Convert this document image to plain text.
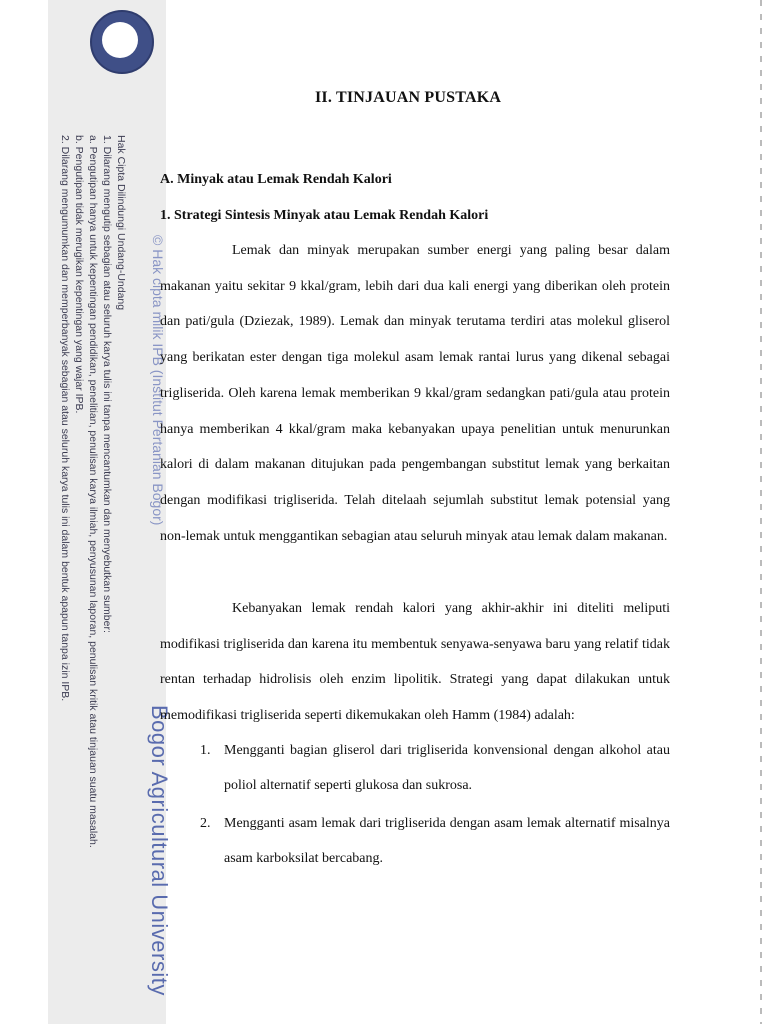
Hak Cipta Dilindungi Undang-Undang
1. Dilarang mengutip sebagian atau seluruh karya tulis ini tanpa mencantumkan dan menyebutkan sumber:
a. Pengutipan hanya untuk kepentingan pendidikan, penelitian, penulisan karya ilmiah, penyusunan laporan, penulisan kritik atau tinjauan suatu masalah.
b. Pengutipan tidak merugikan kepentingan yang wajar IPB.
2. Dilarang mengumumkan dan memperbanyak sebagian atau seluruh karya tulis ini dalam bentuk apapun tanpa izin IPB.	© Hak cipta milik IPB (Institut Pertanian Bogor)
Bogor Agricultural University
II. TINJAUAN PUSTAKA
A. Minyak atau Lemak Rendah Kalori
1. Strategi Sintesis Minyak atau Lemak Rendah Kalori

Lemak dan minyak merupakan sumber energi yang paling besar dalam makanan yaitu sekitar 9 kkal/gram, lebih dari dua kali energi yang diberikan oleh protein dan pati/gula (Dziezak, 1989). Lemak dan minyak terutama terdiri atas molekul gliserol yang berikatan ester dengan tiga molekul asam lemak rantai lurus yang dikenal sebagai trigliserida. Oleh karena lemak memberikan 9 kkal/gram sedangkan pati/gula atau protein hanya memberikan 4 kkal/gram maka kebanyakan upaya penelitian untuk menurunkan kalori di dalam makanan ditujukan pada pengembangan substitut lemak yang berkaitan dengan modifikasi trigliserida. Telah ditelaah sejumlah substitut lemak potensial yang non-lemak untuk menggantikan sebagian atau seluruh minyak atau lemak dalam makanan.

Kebanyakan lemak rendah kalori yang akhir-akhir ini diteliti meliputi modifikasi trigliserida dan karena itu membentuk senyawa-senyawa baru yang relatif tidak rentan terhadap hidrolisis oleh enzim lipolitik. Strategi yang dapat dilakukan untuk memodifikasi trigliserida seperti dikemukakan oleh Hamm (1984) adalah:

1. Mengganti bagian gliserol dari trigliserida konvensional dengan alkohol atau poliol alternatif seperti glukosa dan sukrosa.
2. Mengganti asam lemak dari trigliserida dengan asam lemak alternatif misalnya asam karboksilat bercabang.
